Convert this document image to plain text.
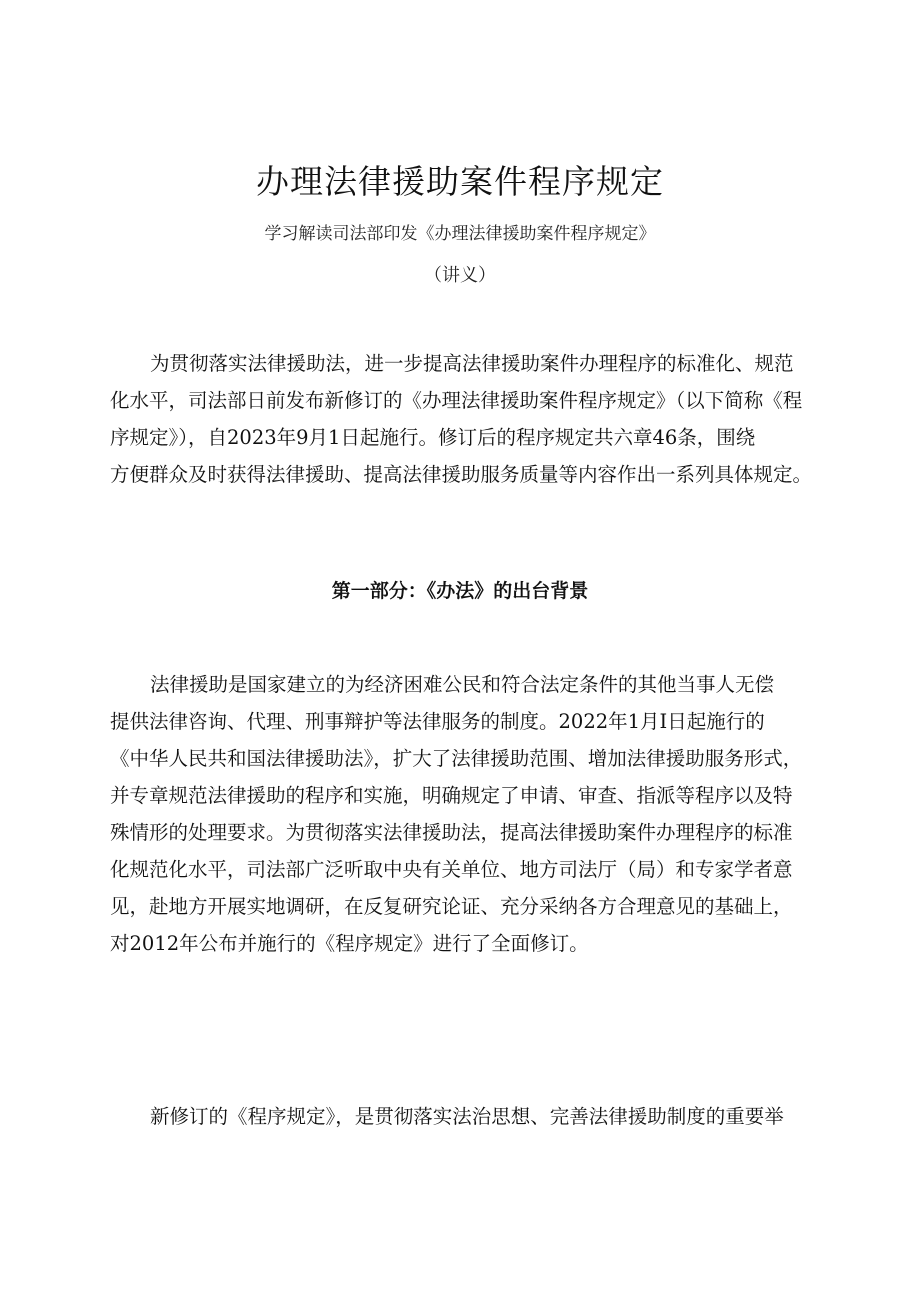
办理法律援助案件程序规定
学习解读司法部印发《办理法律援助案件程序规定》
（讲义）

为贯彻落实法律援助法，进一步提高法律援助案件办理程序的标准化、规范
化水平，司法部日前发布新修订的《办理法律援助案件程序规定》（以下简称《程
序规定》），自2023年9月1日起施行。修订后的程序规定共六章46条，围绕
方便群众及时获得法律援助、提高法律援助服务质量等内容作出一系列具体规定。

第一部分：《办法》的出台背景

法律援助是国家建立的为经济困难公民和符合法定条件的其他当事人无偿
提供法律咨询、代理、刑事辩护等法律服务的制度。2022年1月I日起施行的
《中华人民共和国法律援助法》，扩大了法律援助范围、增加法律援助服务形式，
并专章规范法律援助的程序和实施，明确规定了申请、审查、指派等程序以及特
殊情形的处理要求。为贯彻落实法律援助法，提高法律援助案件办理程序的标准
化规范化水平，司法部广泛听取中央有关单位、地方司法厅（局）和专家学者意
见，赴地方开展实地调研，在反复研究论证、充分采纳各方合理意见的基础上，
对2012年公布并施行的《程序规定》进行了全面修订。

新修订的《程序规定》，是贯彻落实法治思想、完善法律援助制度的重要举
